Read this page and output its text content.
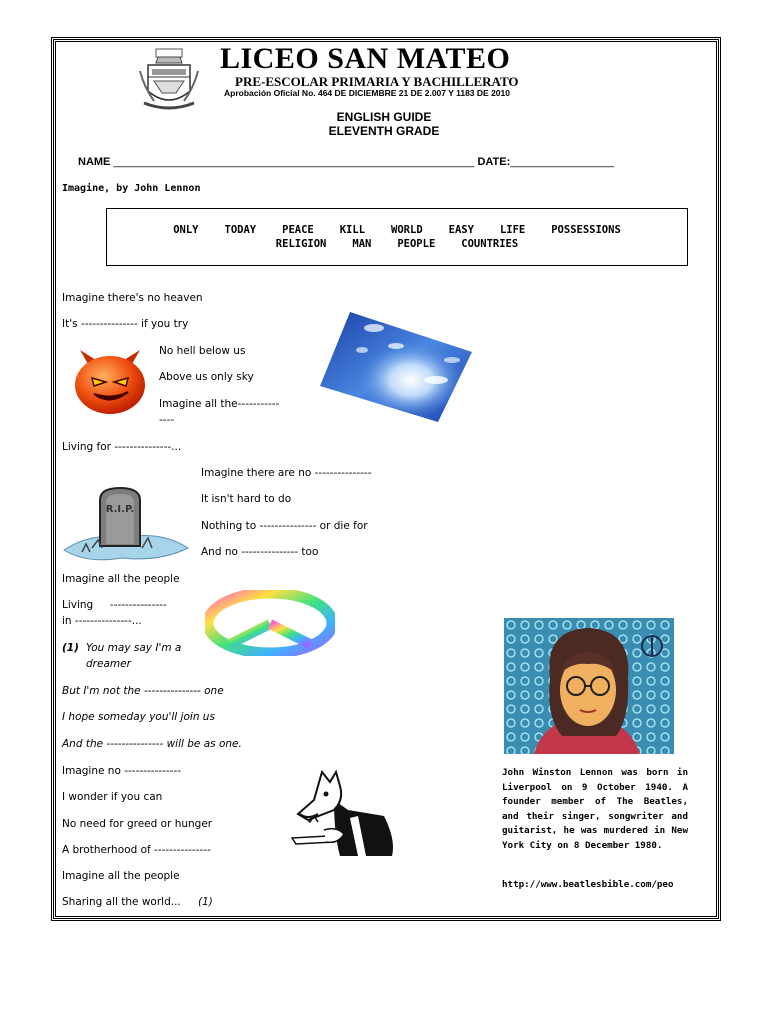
LICEO SAN MATEO
PRE-ESCOLAR PRIMARIA Y BACHILLERATO
Aprobación Oficial No. 464 DE DICIEMBRE 21 DE 2.007 Y 1183 DE 2010
ENGLISH GUIDE
ELEVENTH GRADE
NAME ___________________________________________________________ DATE:_________________
Imagine, by John Lennon
ONLY TODAY PEACE KILL WORLD EASY LIFE POSSESSIONS
RELIGION MAN PEOPLE COUNTRIES
Imagine there's no heaven
It's --------------- if you try
No hell below us
Above us only sky
Imagine all the-----------
----
Living for ---------------...
Imagine there are no ---------------
It isn't hard to do
Nothing to --------------- or die for
And no --------------- too
Imagine all the people
Living     ---------------
in ---------------...
(1) You may say I'm a
dreamer
But I'm not the --------------- one
I hope someday you'll join us
And the --------------- will be as one.
Imagine no ---------------
I wonder if you can
No need for greed or hunger
A brotherhood of ---------------
Imagine all the people
Sharing all the world... (1)
R.I.P.
John Winston Lennon was born in Liverpool on 9 October 1940. A founder member of The Beatles, and their singer, songwriter and guitarist, he was murdered in New York City on 8 December 1980.
http://www.beatlesbible.com/peo
